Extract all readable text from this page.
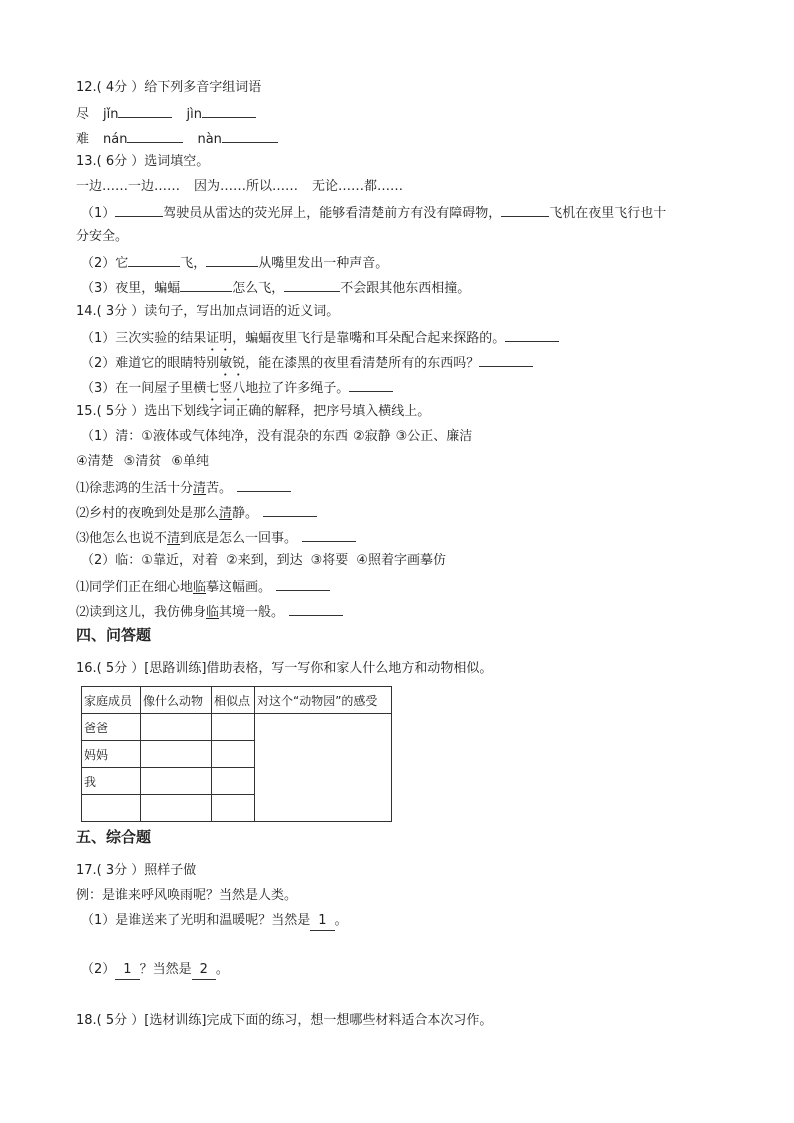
12.( 4分 ）给下列多音字组词语
尽 jǐn	jìn
难 nán	nàn
13.( 6分 ）选词填空。
一边……一边…… 因为……所以…… 无论……都……
（1）	驾驶员从雷达的荧光屏上，能够看清楚前方有没有障碍物，	飞机在夜里飞行也十
分安全。
（2）它	飞，	从嘴里发出一种声音。
（3）夜里，蝙蝠	怎么飞，	不会跟其他东西相撞。
14.( 3分 ）读句子，写出加点词语的近义词。
（1）三次实验的结果证明，蝙蝠夜里飞行是靠嘴和耳朵配合起来探路的。
（2）难道它的眼睛特别敏锐，能在漆黑的夜里看清楚所有的东西吗？
（3）在一间屋子里横七竖八地拉了许多绳子。
15.( 5分 ）选出下划线字词正确的解释，把序号填入横线上。
（1）清：①液体或气体纯净，没有混杂的东西 ②寂静 ③公正、廉洁
④清楚 ⑤清贫 ⑥单纯
⑴徐悲鸿的生活十分清苦。
⑵乡村的夜晚到处是那么清静。
⑶他怎么也说不清到底是怎么一回事。
（2）临：①靠近，对着 ②来到，到达 ③将要 ④照着字画摹仿
⑴同学们正在细心地临摹这幅画。
⑵读到这儿，我仿佛身临其境一般。
四、问答题
16.( 5分 ）[思路训练]借助表格，写一写你和家人什么地方和动物相似。
家庭成员	像什么动物	相似点	对这个“动物园”的感受
爸爸			
妈妈			
我			

五、综合题
17.( 3分 ）照样子做
例：是谁来呼风唤雨呢？当然是人类。
（1）是谁送来了光明和温暖呢？当然是 1 。
（2） 1 ？当然是 2 。
18.( 5分 ）[选材训练]完成下面的练习，想一想哪些材料适合本次习作。
